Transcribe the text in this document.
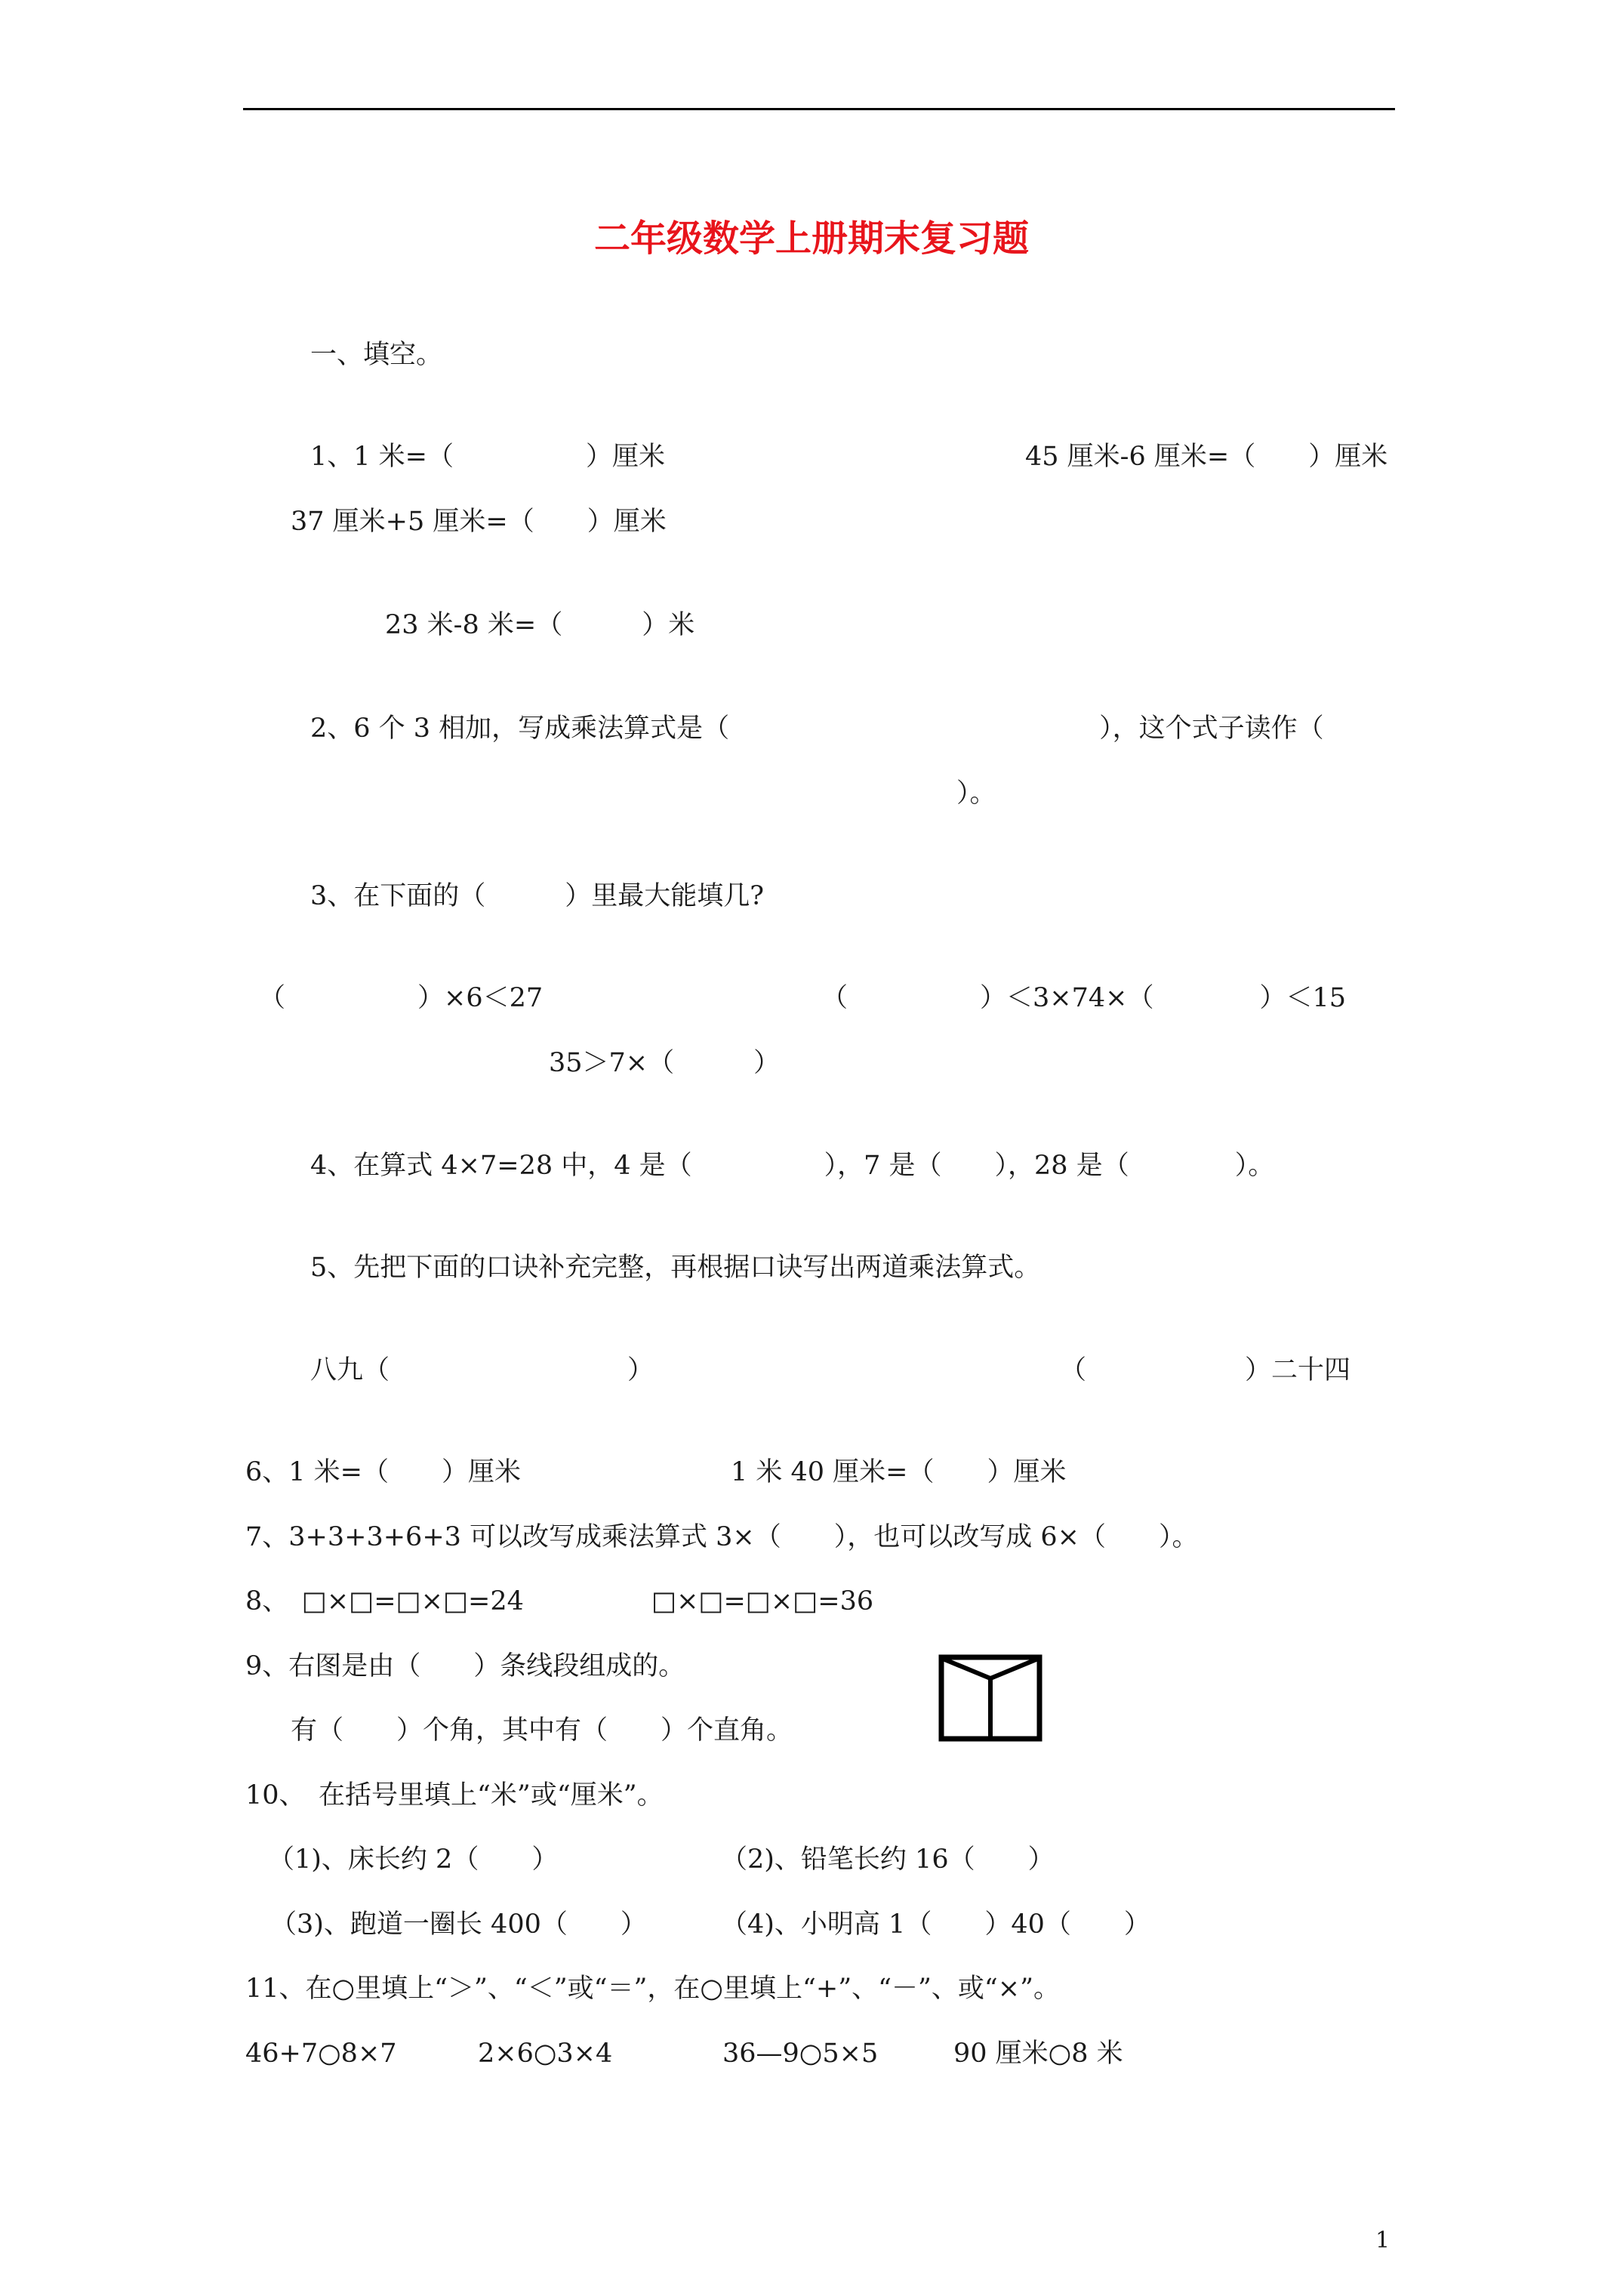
二年级数学上册期末复习题
一、填空。
1、1 米=（　　　　　）厘米	45 厘米-6 厘米=（　　）厘米
37 厘米+5 厘米=（　　）厘米
23 米-8 米=（　　　）米
2、6 个 3 相加，写成乘法算式是（　　　　　　　　　　　　　　），这个式子读作（
）。
3、在下面的（　　　）里最大能填几?
（　　　　　）×6＜27	（　　　　　）＜3×74×（　　　　）＜15
35＞7×（　　　）
4、在算式 4×7=28 中，4 是（　　　　　），7 是（　　），28 是（　　　　）。
5、先把下面的口诀补充完整，再根据口诀写出两道乘法算式。
八九（　　　　　　　　　）	（　　　　　　）二十四
6、1 米=（　　）厘米	1 米 40 厘米=（　　）厘米
7、3+3+3+6+3 可以改写成乘法算式 3×（　　），也可以改写成 6×（　　）。
8、　□×□=□×□=24	□×□=□×□=36
9、右图是由（　　）条线段组成的。
有（　　）个角，其中有（　　）个直角。
10、　在括号里填上“米”或“厘米”。
（1)、床长约 2（　　）	（2)、铅笔长约 16（　　）
（3)、跑道一圈长 400（　　）	（4)、小明高 1（　　）40（　　）
11、在○里填上“＞”、“＜”或“＝”，在○里填上“+”、“－”、或“×”。
46+7○8×7	2×6○3×4	36—9○5×5	90 厘米○8 米
1
